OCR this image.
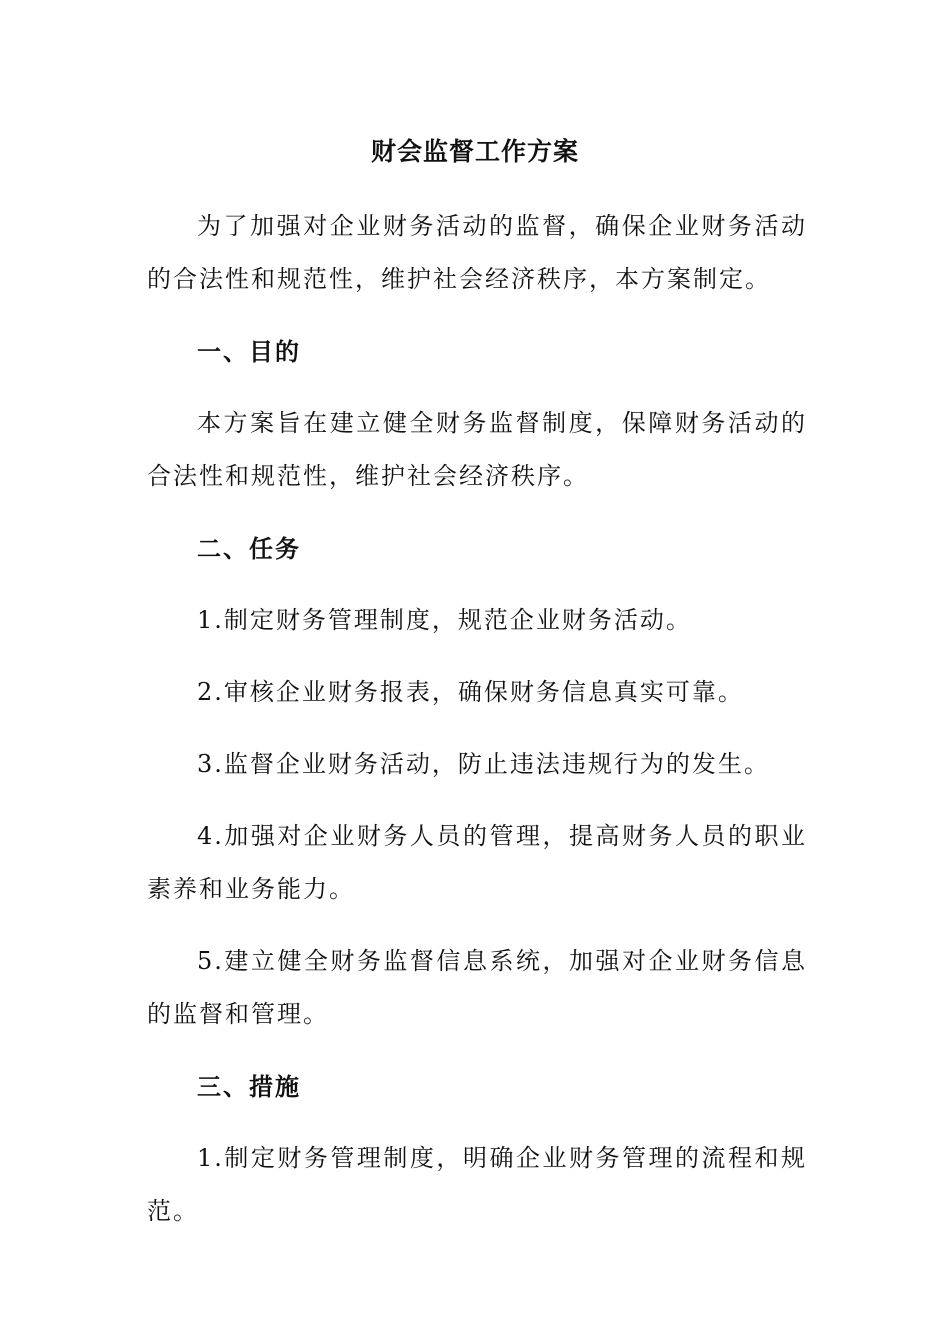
财会监督工作方案

为了加强对企业财务活动的监督，确保企业财务活动的合法性和规范性，维护社会经济秩序，本方案制定。

一、目的

本方案旨在建立健全财务监督制度，保障财务活动的合法性和规范性，维护社会经济秩序。

二、任务

1.制定财务管理制度，规范企业财务活动。

2.审核企业财务报表，确保财务信息真实可靠。

3.监督企业财务活动，防止违法违规行为的发生。

4.加强对企业财务人员的管理，提高财务人员的职业素养和业务能力。

5.建立健全财务监督信息系统，加强对企业财务信息的监督和管理。

三、措施

1.制定财务管理制度，明确企业财务管理的流程和规范。
